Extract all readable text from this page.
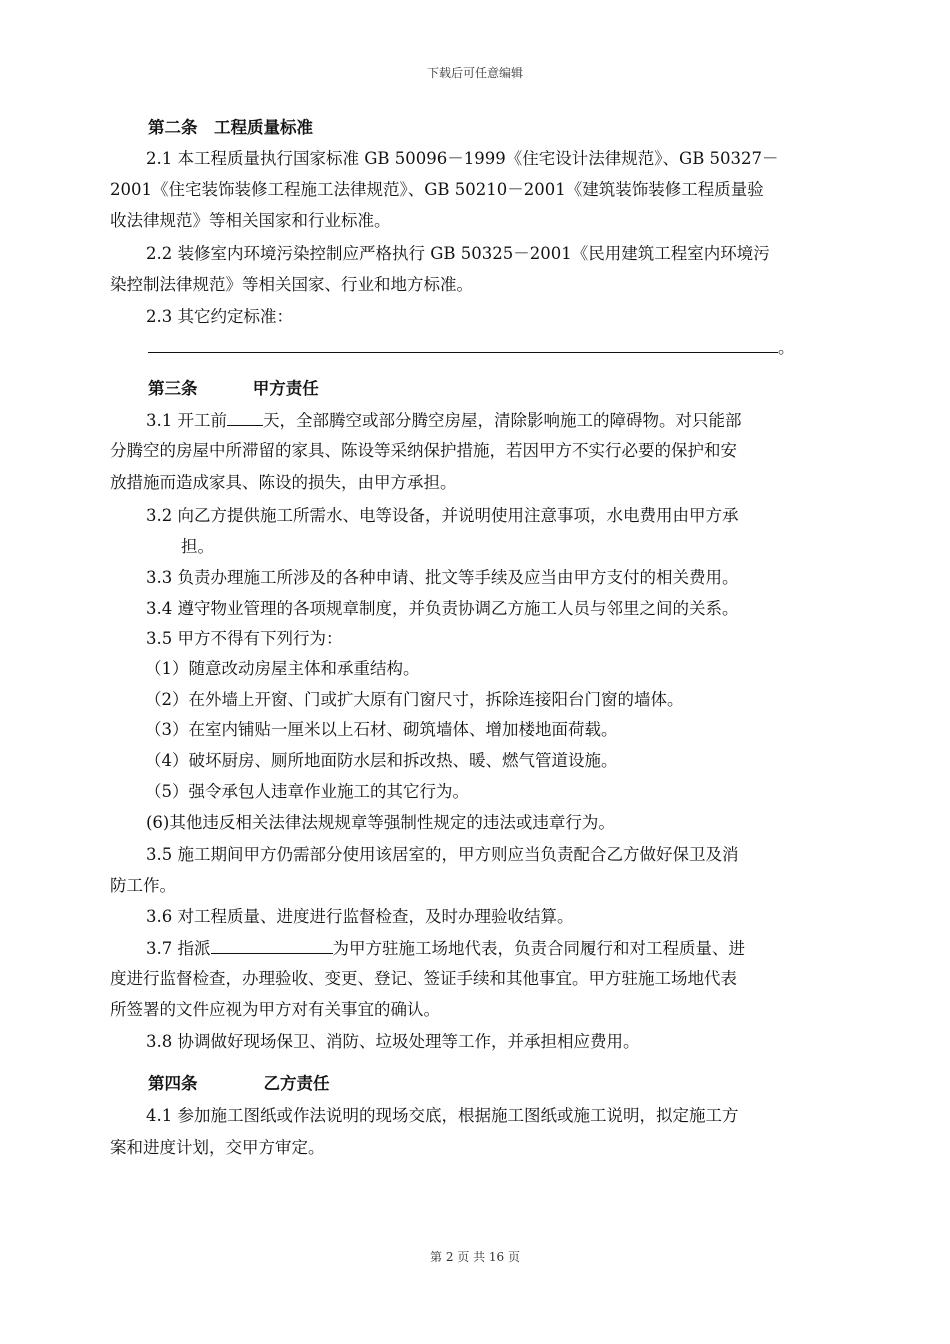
下载后可任意编辑
第二条　工程质量标准
2.1 本工程质量执行国家标准 GB 50096－1999《住宅设计法律规范》、GB 50327－
2001《住宅装饰装修工程施工法律规范》、GB 50210－2001《建筑装饰装修工程质量验
收法律规范》等相关国家和行业标准。
2.2 装修室内环境污染控制应严格执行 GB 50325－2001《民用建筑工程室内环境污
染控制法律规范》等相关国家、行业和地方标准。
2.3 其它约定标准：
。
第三条　　　 甲方责任
3.1 开工前 天，全部腾空或部分腾空房屋，清除影响施工的障碍物。对只能部
分腾空的房屋中所滞留的家具、陈设等采纳保护措施，若因甲方不实行必要的保护和安
放措施而造成家具、陈设的损失，由甲方承担。
3.2 向乙方提供施工所需水、电等设备，并说明使用注意事项，水电费用由甲方承
担。
3.3 负责办理施工所涉及的各种申请、批文等手续及应当由甲方支付的相关费用。
3.4 遵守物业管理的各项规章制度，并负责协调乙方施工人员与邻里之间的关系。
3.5 甲方不得有下列行为：
（1）随意改动房屋主体和承重结构。
（2）在外墙上开窗、门或扩大原有门窗尺寸，拆除连接阳台门窗的墙体。
（3）在室内铺贴一厘米以上石材、砌筑墙体、增加楼地面荷载。
（4）破坏厨房、厕所地面防水层和拆改热、暖、燃气管道设施。
（5）强令承包人违章作业施工的其它行为。
(6)其他违反相关法律法规规章等强制性规定的违法或违章行为。
3.5 施工期间甲方仍需部分使用该居室的，甲方则应当负责配合乙方做好保卫及消
防工作。
3.6 对工程质量、进度进行监督检查，及时办理验收结算。
3.7 指派	为甲方驻施工场地代表，负责合同履行和对工程质量、进
度进行监督检查，办理验收、变更、登记、签证手续和其他事宜。甲方驻施工场地代表
所签署的文件应视为甲方对有关事宜的确认。
3.8 协调做好现场保卫、消防、垃圾处理等工作，并承担相应费用。
第四条　　　　乙方责任
4.1 参加施工图纸或作法说明的现场交底，根据施工图纸或施工说明，拟定施工方
案和进度计划，交甲方审定。
第 2 页 共 16 页
